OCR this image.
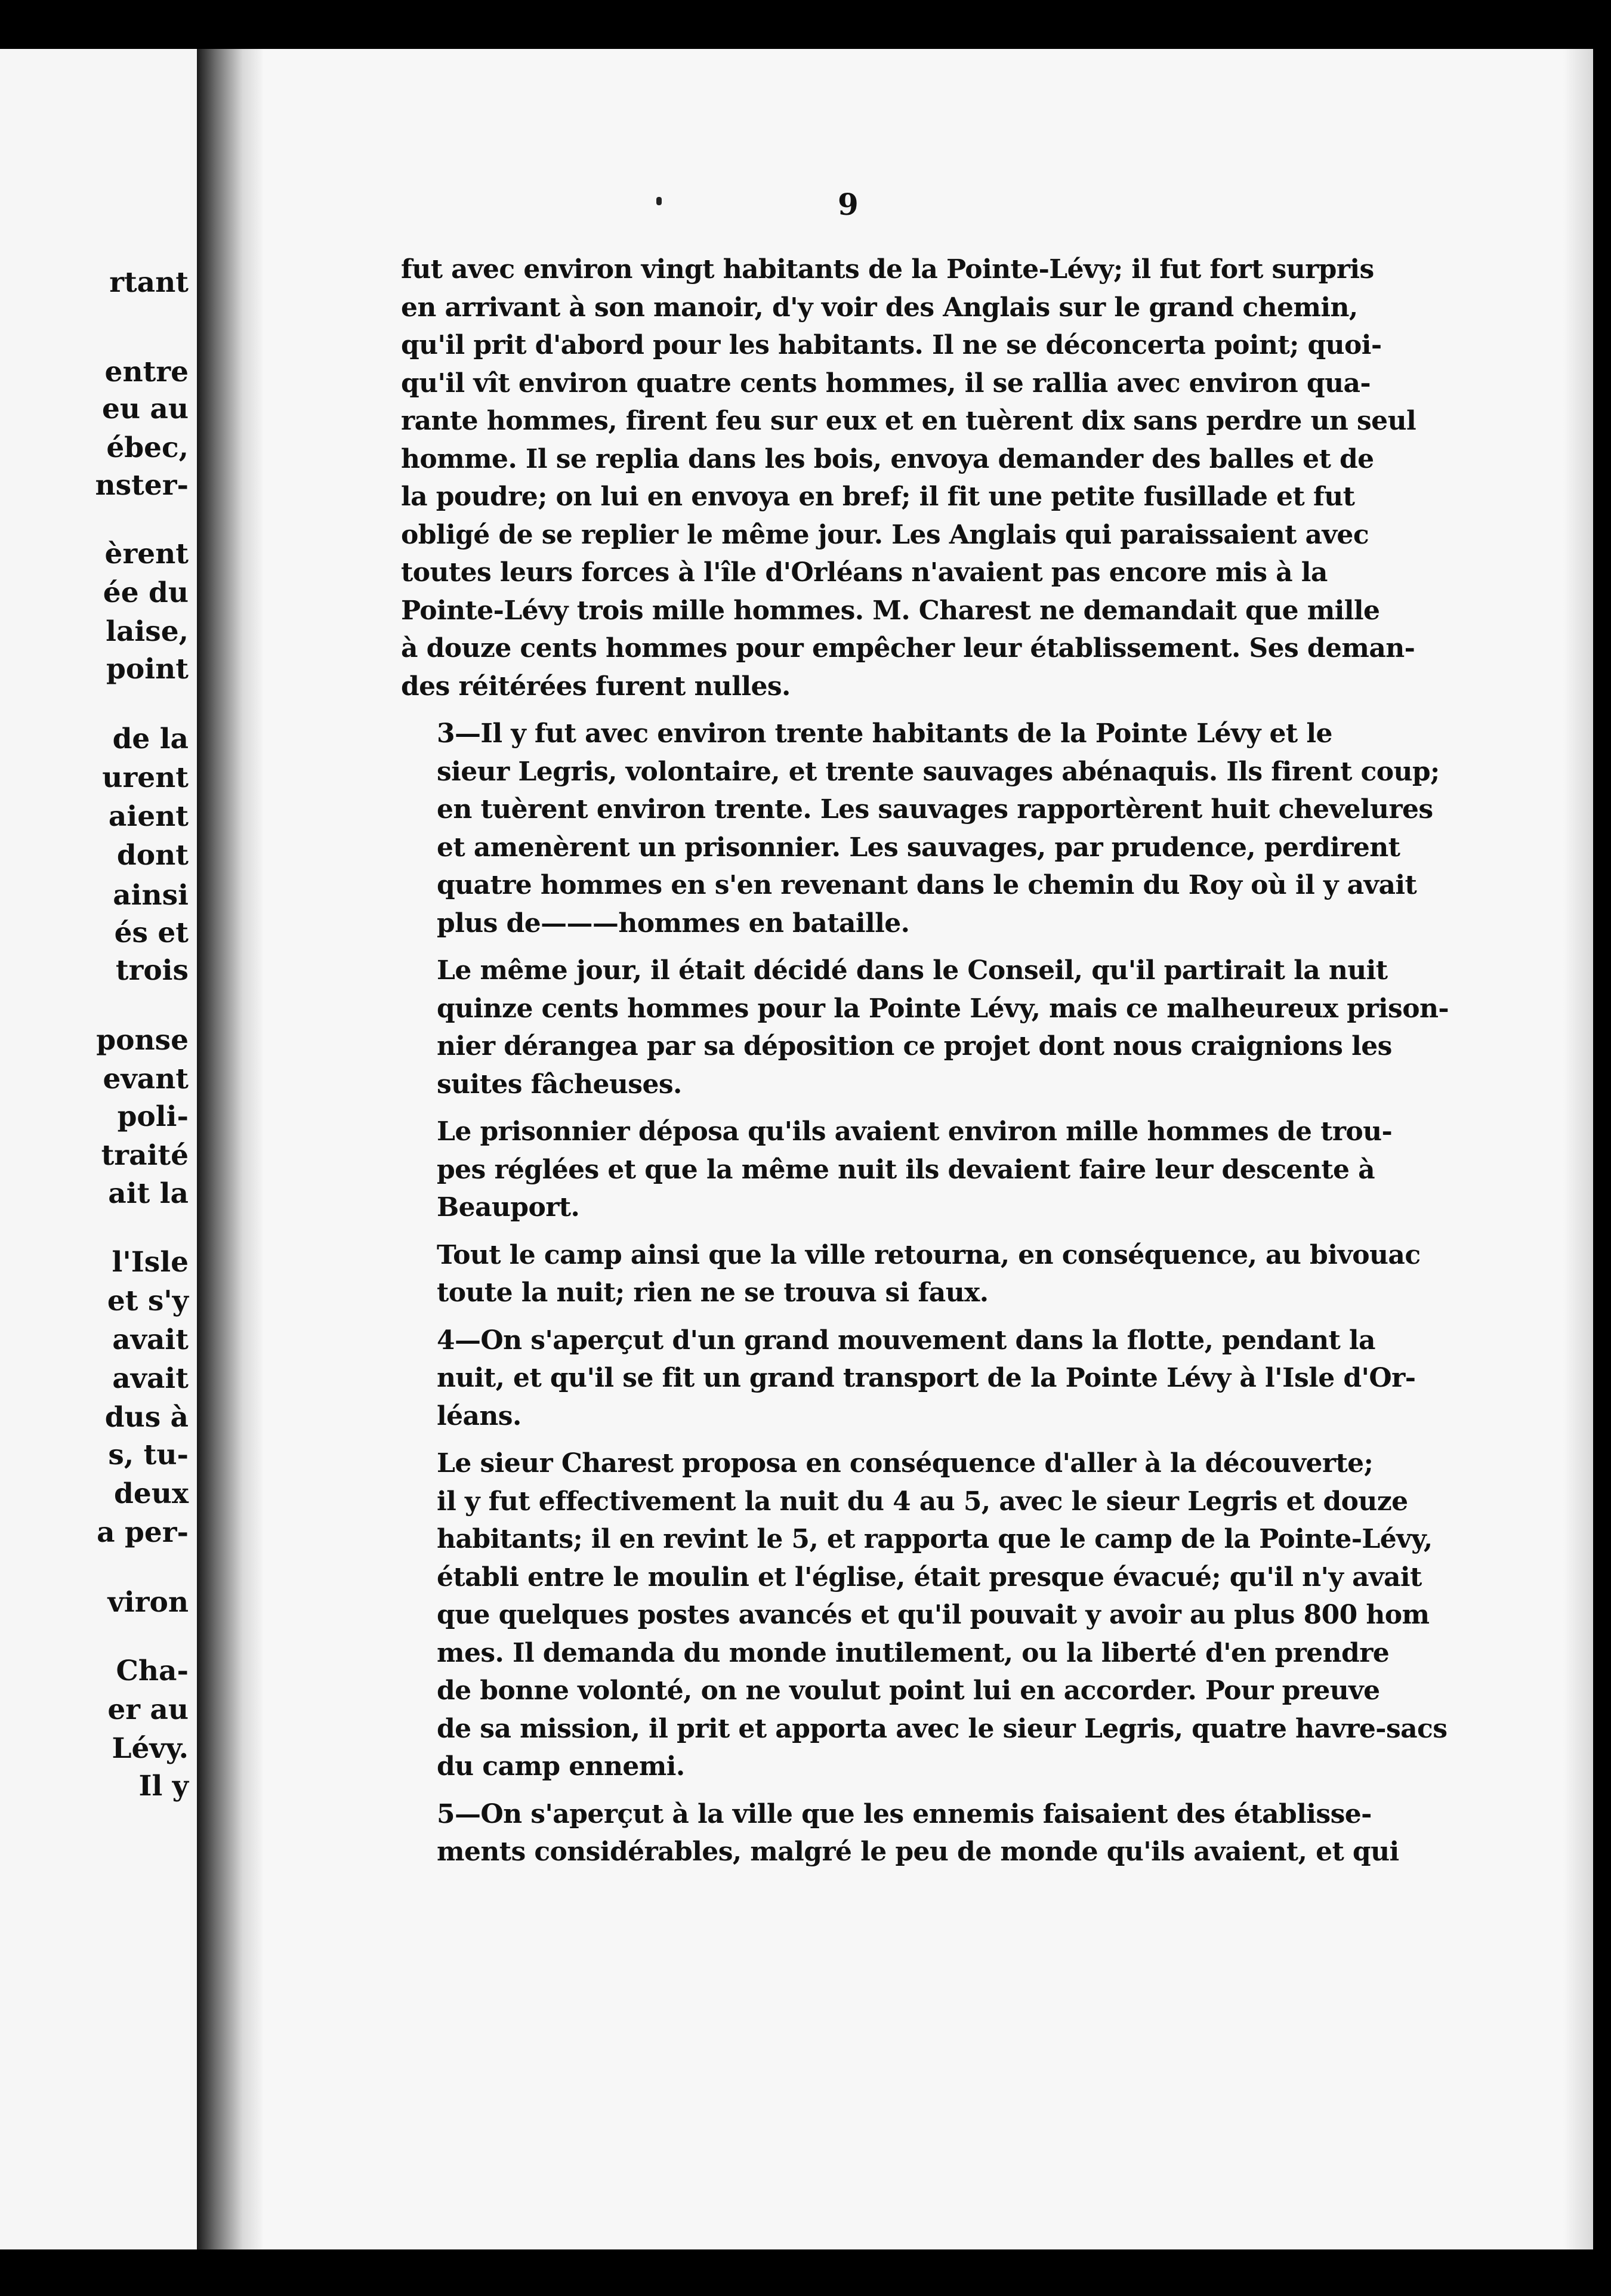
rtant
entre
eu au
ébec,
nster-
èrent
ée du
laise,
point
de la
urent
aient
dont
ainsi
és et
trois
ponse
evant
poli-
traité
ait la
l'Isle
et s'y
avait
avait
dus à
s, tu-
deux
a per-
viron
Cha-
er au
Lévy.
Il y
9

fut avec environ vingt habitants de la Pointe-Lévy; il fut fort surpris
en arrivant à son manoir, d'y voir des Anglais sur le grand chemin,
qu'il prit d'abord pour les habitants. Il ne se déconcerta point; quoi-
qu'il vît environ quatre cents hommes, il se rallia avec environ qua-
rante hommes, firent feu sur eux et en tuèrent dix sans perdre un seul
homme. Il se replia dans les bois, envoya demander des balles et de
la poudre; on lui en envoya en bref; il fit une petite fusillade et fut
obligé de se replier le même jour. Les Anglais qui paraissaient avec
toutes leurs forces à l'île d'Orléans n'avaient pas encore mis à la
Pointe-Lévy trois mille hommes. M. Charest ne demandait que mille
à douze cents hommes pour empêcher leur établissement. Ses deman-
des réitérées furent nulles.

3—Il y fut avec environ trente habitants de la Pointe Lévy et le
sieur Legris, volontaire, et trente sauvages abénaquis. Ils firent coup;
en tuèrent environ trente. Les sauvages rapportèrent huit chevelures
et amenèrent un prisonnier. Les sauvages, par prudence, perdirent
quatre hommes en s'en revenant dans le chemin du Roy où il y avait
plus de———hommes en bataille.

Le même jour, il était décidé dans le Conseil, qu'il partirait la nuit
quinze cents hommes pour la Pointe Lévy, mais ce malheureux prison-
nier dérangea par sa déposition ce projet dont nous craignions les
suites fâcheuses.

Le prisonnier déposa qu'ils avaient environ mille hommes de trou-
pes réglées et que la même nuit ils devaient faire leur descente à
Beauport.

Tout le camp ainsi que la ville retourna, en conséquence, au bivouac
toute la nuit; rien ne se trouva si faux.

4—On s'aperçut d'un grand mouvement dans la flotte, pendant la
nuit, et qu'il se fit un grand transport de la Pointe Lévy à l'Isle d'Or-
léans.

Le sieur Charest proposa en conséquence d'aller à la découverte;
il y fut effectivement la nuit du 4 au 5, avec le sieur Legris et douze
habitants; il en revint le 5, et rapporta que le camp de la Pointe-Lévy,
établi entre le moulin et l'église, était presque évacué; qu'il n'y avait
que quelques postes avancés et qu'il pouvait y avoir au plus 800 hom
mes. Il demanda du monde inutilement, ou la liberté d'en prendre
de bonne volonté, on ne voulut point lui en accorder. Pour preuve
de sa mission, il prit et apporta avec le sieur Legris, quatre havre-sacs
du camp ennemi.

5—On s'aperçut à la ville que les ennemis faisaient des établisse-
ments considérables, malgré le peu de monde qu'ils avaient, et qui
